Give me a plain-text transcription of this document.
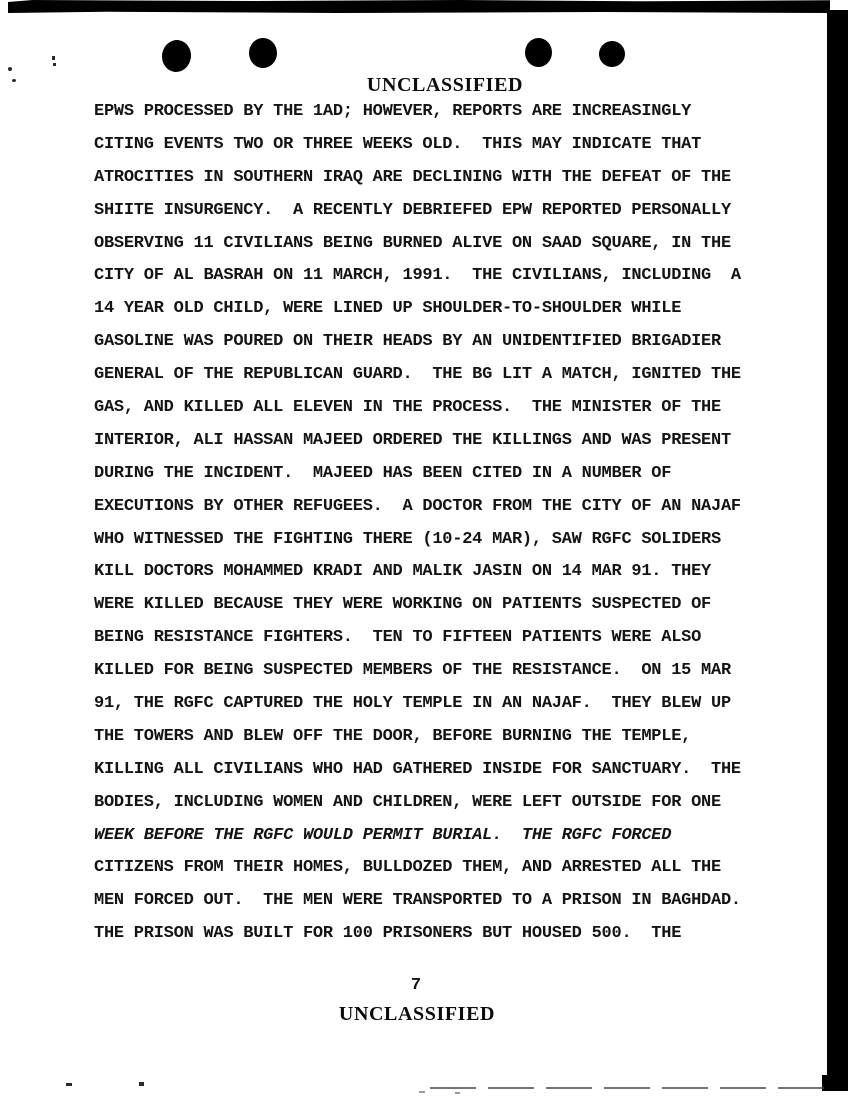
UNCLASSIFIED
EPWS PROCESSED BY THE 1AD; HOWEVER, REPORTS ARE INCREASINGLY
CITING EVENTS TWO OR THREE WEEKS OLD.  THIS MAY INDICATE THAT
ATROCITIES IN SOUTHERN IRAQ ARE DECLINING WITH THE DEFEAT OF THE
SHIITE INSURGENCY.  A RECENTLY DEBRIEFED EPW REPORTED PERSONALLY
OBSERVING 11 CIVILIANS BEING BURNED ALIVE ON SAAD SQUARE, IN THE
CITY OF AL BASRAH ON 11 MARCH, 1991.  THE CIVILIANS, INCLUDING  A
14 YEAR OLD CHILD, WERE LINED UP SHOULDER-TO-SHOULDER WHILE
GASOLINE WAS POURED ON THEIR HEADS BY AN UNIDENTIFIED BRIGADIER
GENERAL OF THE REPUBLICAN GUARD.  THE BG LIT A MATCH, IGNITED THE
GAS, AND KILLED ALL ELEVEN IN THE PROCESS.  THE MINISTER OF THE
INTERIOR, ALI HASSAN MAJEED ORDERED THE KILLINGS AND WAS PRESENT
DURING THE INCIDENT.  MAJEED HAS BEEN CITED IN A NUMBER OF
EXECUTIONS BY OTHER REFUGEES.  A DOCTOR FROM THE CITY OF AN NAJAF
WHO WITNESSED THE FIGHTING THERE (10-24 MAR), SAW RGFC SOLIDERS
KILL DOCTORS MOHAMMED KRADI AND MALIK JASIN ON 14 MAR 91. THEY
WERE KILLED BECAUSE THEY WERE WORKING ON PATIENTS SUSPECTED OF
BEING RESISTANCE FIGHTERS.  TEN TO FIFTEEN PATIENTS WERE ALSO
KILLED FOR BEING SUSPECTED MEMBERS OF THE RESISTANCE.  ON 15 MAR
91, THE RGFC CAPTURED THE HOLY TEMPLE IN AN NAJAF.  THEY BLEW UP
THE TOWERS AND BLEW OFF THE DOOR, BEFORE BURNING THE TEMPLE,
KILLING ALL CIVILIANS WHO HAD GATHERED INSIDE FOR SANCTUARY.  THE
BODIES, INCLUDING WOMEN AND CHILDREN, WERE LEFT OUTSIDE FOR ONE
WEEK BEFORE THE RGFC WOULD PERMIT BURIAL.  THE RGFC FORCED
CITIZENS FROM THEIR HOMES, BULLDOZED THEM, AND ARRESTED ALL THE
MEN FORCED OUT.  THE MEN WERE TRANSPORTED TO A PRISON IN BAGHDAD.
THE PRISON WAS BUILT FOR 100 PRISONERS BUT HOUSED 500.  THE
7
UNCLASSIFIED
